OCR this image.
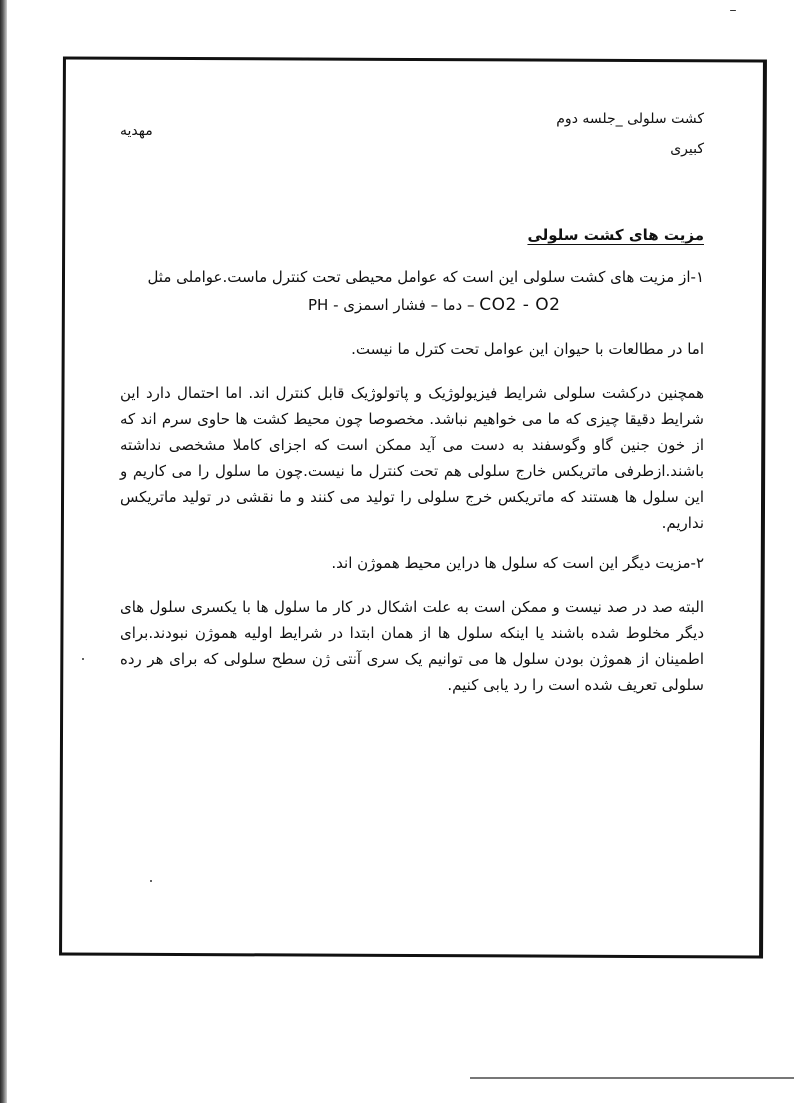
کشت سلولی _جلسه دوم
کبیری
مهدیه
مزیت های کشت سلولی

۱-از مزیت های کشت سلولی این است که عوامل محیطی تحت کنترل ماست.عواملی مثل

PH - دما – فشار اسمزی – CO2 - O2

اما در مطالعات با حیوان این عوامل تحت کترل ما نیست.

همچنین درکشت سلولی شرایط فیزیولوژیک و پاتولوژیک قابل کنترل اند. اما احتمال دارد این شرایط دقیقا چیزی که ما می خواهیم نباشد. مخصوصا چون محیط کشت ها حاوی سرم اند که از خون جنین گاو وگوسفند به دست می آید ممکن است که اجزای کاملا مشخصی نداشته باشند.ازطرفی ماتریکس خارج سلولی هم تحت کنترل ما نیست.چون ما سلول را می کاریم و این سلول ها هستند که ماتریکس خرج سلولی را تولید می کنند و ما نقشی در تولید ماتریکس نداریم.

۲-مزیت دیگر این است که سلول ها دراین محیط هموژن اند.

البته صد در صد نیست و ممکن است به علت اشکال در کار ما سلول ها با یکسری سلول های دیگر مخلوط شده باشند یا اینکه سلول ها از همان ابتدا در شرایط اولیه هموژن نبودند.برای اطمینان از هموژن بودن سلول ها می توانیم یک سری آنتی ژن سطح سلولی که برای هر رده سلولی تعریف شده است را رد یابی کنیم.
